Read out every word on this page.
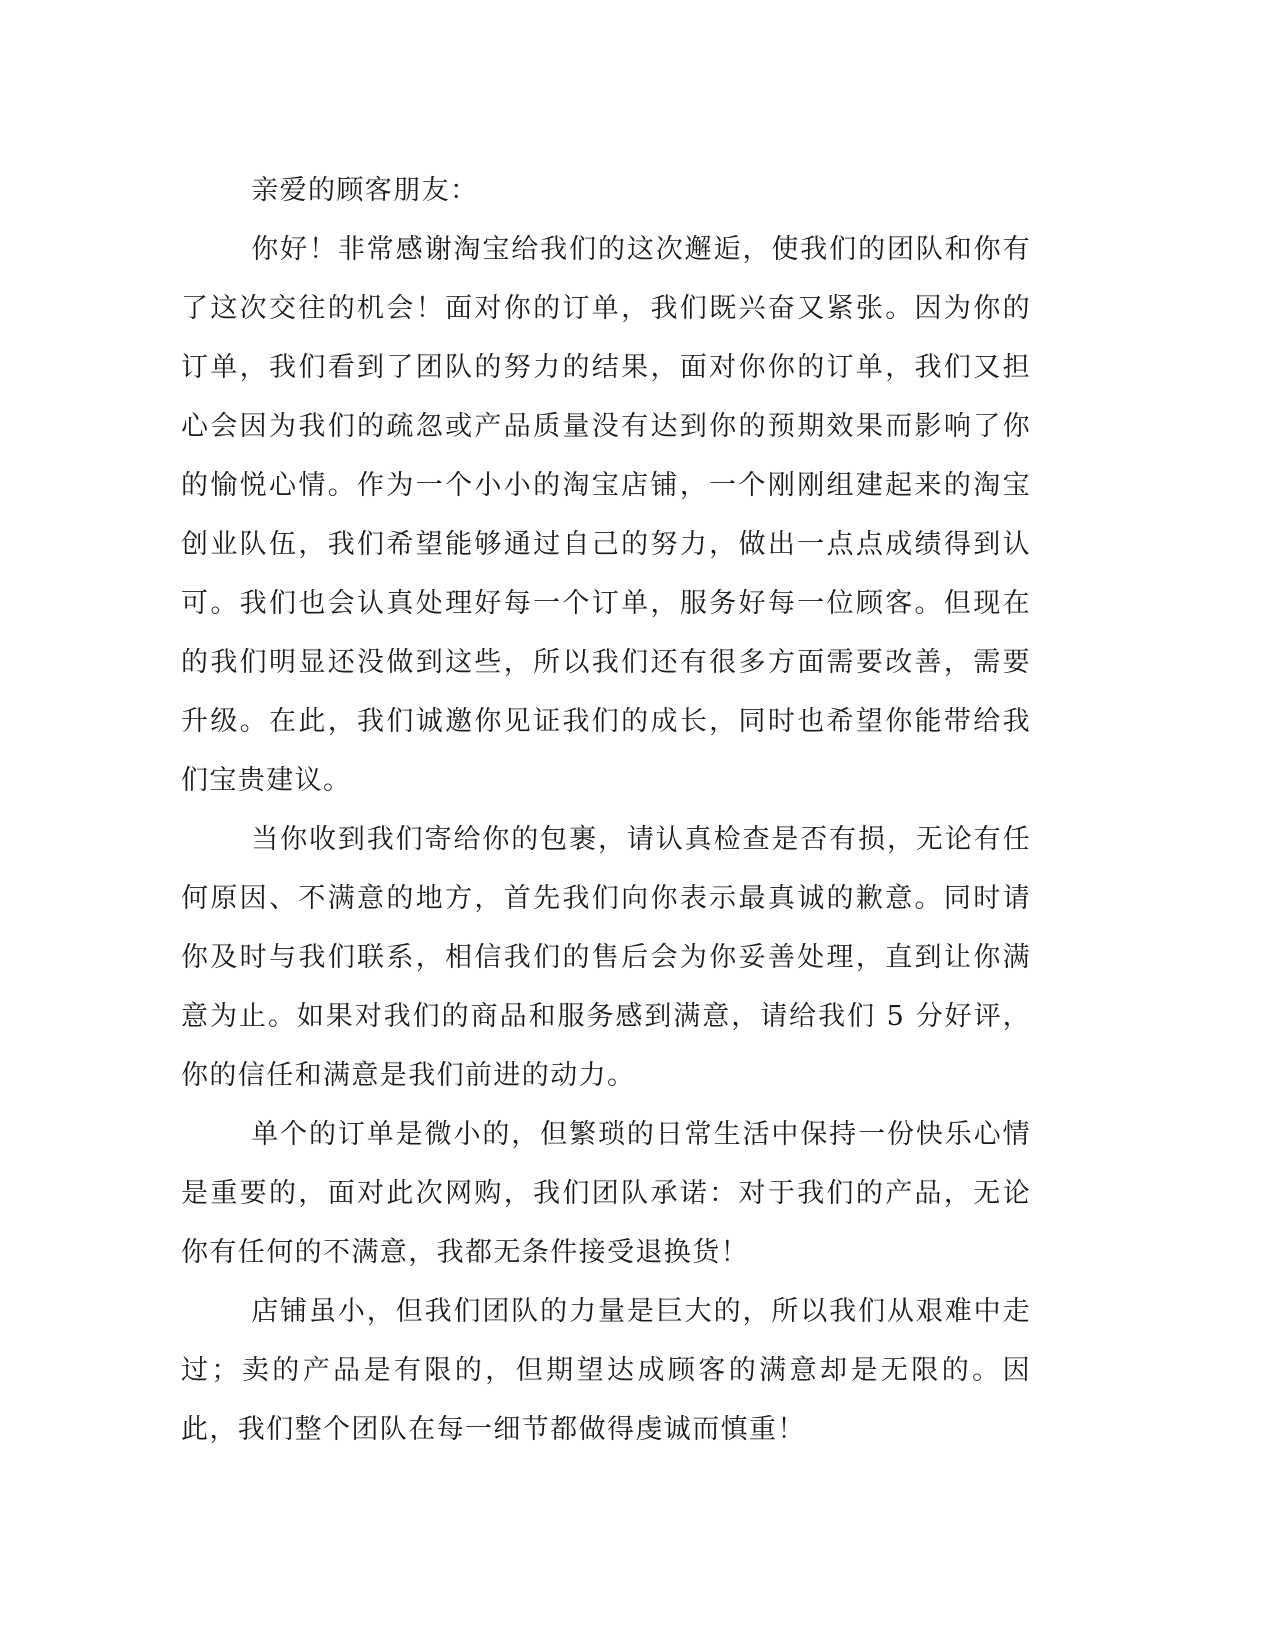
亲爱的顾客朋友：

你好！非常感谢淘宝给我们的这次邂逅，使我们的团队和你有了这次交往的机会！面对你的订单，我们既兴奋又紧张。因为你的订单，我们看到了团队的努力的结果，面对你你的订单，我们又担心会因为我们的疏忽或产品质量没有达到你的预期效果而影响了你的愉悦心情。作为一个小小的淘宝店铺，一个刚刚组建起来的淘宝创业队伍，我们希望能够通过自己的努力，做出一点点成绩得到认可。我们也会认真处理好每一个订单，服务好每一位顾客。但现在的我们明显还没做到这些，所以我们还有很多方面需要改善，需要升级。在此，我们诚邀你见证我们的成长，同时也希望你能带给我们宝贵建议。

当你收到我们寄给你的包裹，请认真检查是否有损，无论有任何原因、不满意的地方，首先我们向你表示最真诚的歉意。同时请你及时与我们联系，相信我们的售后会为你妥善处理，直到让你满意为止。如果对我们的商品和服务感到满意，请给我们 5 分好评，你的信任和满意是我们前进的动力。

单个的订单是微小的，但繁琐的日常生活中保持一份快乐心情是重要的，面对此次网购，我们团队承诺：对于我们的产品，无论你有任何的不满意，我都无条件接受退换货！

店铺虽小，但我们团队的力量是巨大的，所以我们从艰难中走过；卖的产品是有限的，但期望达成顾客的满意却是无限的。因此，我们整个团队在每一细节都做得虔诚而慎重！
